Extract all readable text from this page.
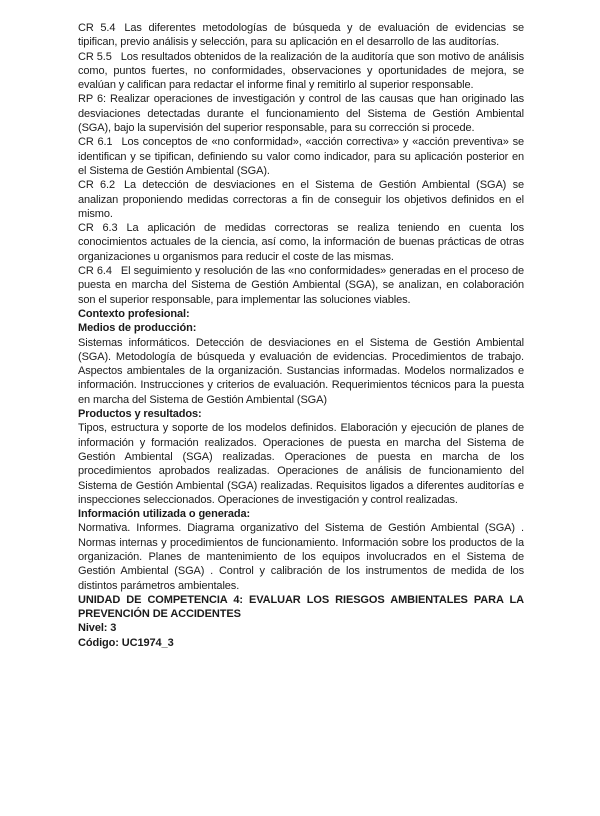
CR 5.4 Las diferentes metodologías de búsqueda y de evaluación de evidencias se tipifican, previo análisis y selección, para su aplicación en el desarrollo de las auditorías.

CR 5.5 Los resultados obtenidos de la realización de la auditoría que son motivo de análisis como, puntos fuertes, no conformidades, observaciones y oportunidades de mejora, se evalúan y califican para redactar el informe final y remitirlo al superior responsable.

RP 6: Realizar operaciones de investigación y control de las causas que han originado las desviaciones detectadas durante el funcionamiento del Sistema de Gestión Ambiental (SGA), bajo la supervisión del superior responsable, para su corrección si procede.

CR 6.1 Los conceptos de «no conformidad», «acción correctiva» y «acción preventiva» se identifican y se tipifican, definiendo su valor como indicador, para su aplicación posterior en el Sistema de Gestión Ambiental (SGA).

CR 6.2 La detección de desviaciones en el Sistema de Gestión Ambiental (SGA) se analizan proponiendo medidas correctoras a fin de conseguir los objetivos definidos en el mismo.

CR 6.3 La aplicación de medidas correctoras se realiza teniendo en cuenta los conocimientos actuales de la ciencia, así como, la información de buenas prácticas de otras organizaciones u organismos para reducir el coste de las mismas.

CR 6.4 El seguimiento y resolución de las «no conformidades» generadas en el proceso de puesta en marcha del Sistema de Gestión Ambiental (SGA), se analizan, en colaboración son el superior responsable, para implementar las soluciones viables.

Contexto profesional:

Medios de producción:

Sistemas informáticos. Detección de desviaciones en el Sistema de Gestión Ambiental (SGA). Metodología de búsqueda y evaluación de evidencias. Procedimientos de trabajo. Aspectos ambientales de la organización. Sustancias informadas. Modelos normalizados e información. Instrucciones y criterios de evaluación. Requerimientos técnicos para la puesta en marcha del Sistema de Gestión Ambiental (SGA)

Productos y resultados:

Tipos, estructura y soporte de los modelos definidos. Elaboración y ejecución de planes de información y formación realizados. Operaciones de puesta en marcha del Sistema de Gestión Ambiental (SGA) realizadas. Operaciones de puesta en marcha de los procedimientos aprobados realizadas. Operaciones de análisis de funcionamiento del Sistema de Gestión Ambiental (SGA) realizadas. Requisitos ligados a diferentes auditorías e inspecciones seleccionados. Operaciones de investigación y control realizadas.

Información utilizada o generada:

Normativa. Informes. Diagrama organizativo del Sistema de Gestión Ambiental (SGA) . Normas internas y procedimientos de funcionamiento. Información sobre los productos de la organización. Planes de mantenimiento de los equipos involucrados en el Sistema de Gestión Ambiental (SGA) . Control y calibración de los instrumentos de medida de los distintos parámetros ambientales.

UNIDAD DE COMPETENCIA 4: EVALUAR LOS RIESGOS AMBIENTALES PARA LA PREVENCIÓN DE ACCIDENTES

Nivel: 3

Código: UC1974_3
